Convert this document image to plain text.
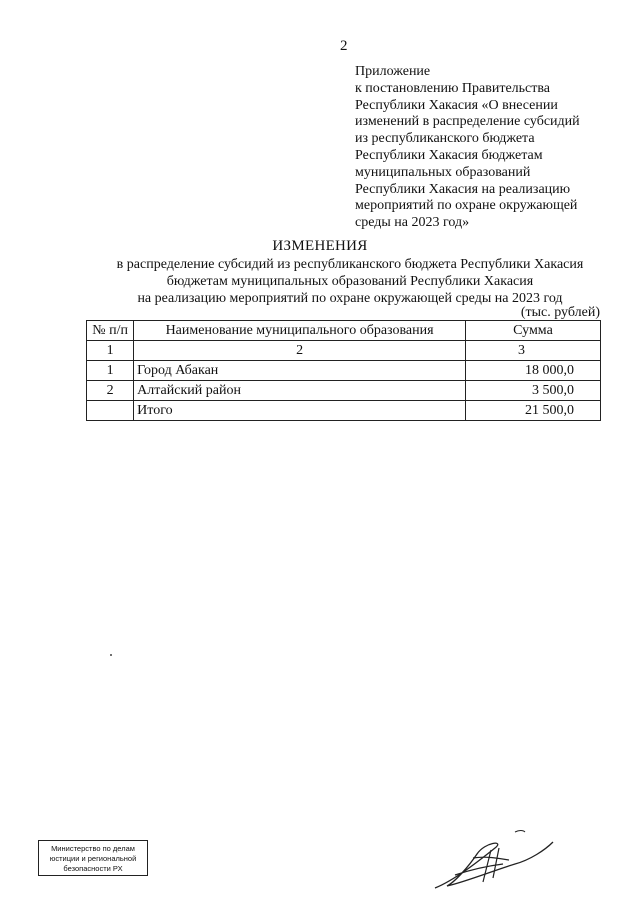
2
Приложение
к постановлению Правительства
Республики Хакасия «О внесении
изменений в распределение субсидий
из республиканского бюджета
Республики Хакасия бюджетам
муниципальных образований
Республики Хакасия на реализацию
мероприятий по охране окружающей
среды на 2023 год»
ИЗМЕНЕНИЯ
в распределение субсидий из республиканского бюджета Республики Хакасия
бюджетам муниципальных образований Республики Хакасия
на реализацию мероприятий по охране окружающей среды на 2023 год
(тыс. рублей)
№ п/п	Наименование муниципального образования	Сумма
1	2	3
1	Город Абакан	18 000,0
2	Алтайский район	3 500,0
	Итого	21 500,0
Министерство по делам
юстиции и региональной
безопасности РХ
